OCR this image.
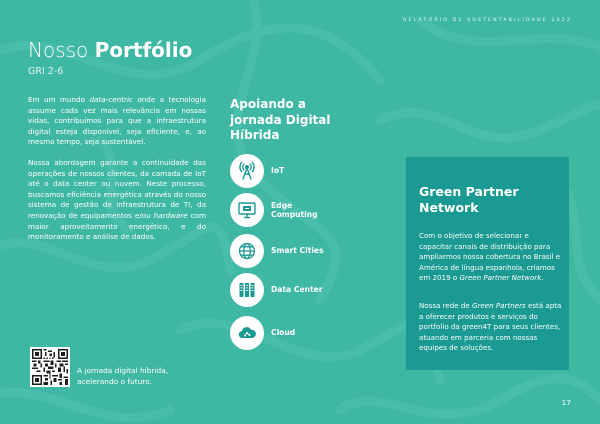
RELATÓRIO DE SUSTENTABILIDADE 2022
Nosso Portfólio
GRI 2-6

Em um mundo data-centric onde a tecnologia assume cada vez mais relevância em nossas vidas, contribuímos para que a infraestrutura digital esteja disponível, seja eficiente, e, ao mesmo tempo, seja sustentável.

Nossa abordagem garante a continuidade das operações de nossos clientes, da camada de IoT até o data center ou nuvem. Neste processo, buscamos eficiência energética através do nosso sistema de gestão de infraestrutura de TI, da renovação de equipamentos e/ou hardware com maior aproveitamento energético, e do monitoramento e análise de dados.

A jornada digital híbrida,
acelerando o futuro.
Apoiando a
jornada Digital
Híbrida
IoT
Edge
Computing
Smart Cities
Data Center
Cloud
Green Partner
Network

Com o objetivo de selecionar e capacitar canais de distribuição para ampliarmos nossa cobertura no Brasil e América de língua espanhola, criamos em 2019 o Green Partner Network.

Nossa rede de Green Partners está apta a oferecer produtos e serviços do portfolio da green4T para seus clientes, atuando em parceria com nossas equipes de soluções.

17
